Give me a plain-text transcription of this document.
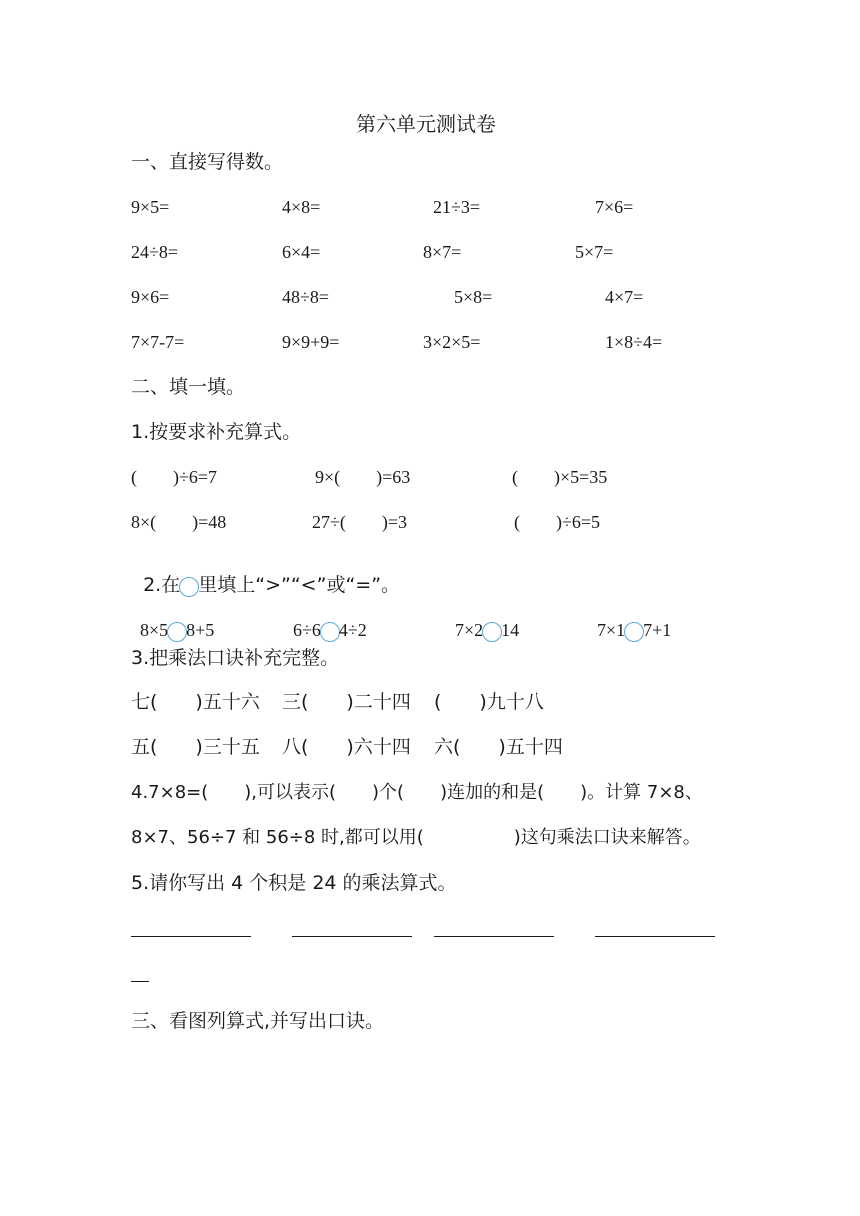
第六单元测试卷
一、直接写得数。
9×5=	4×8=	21÷3=	7×6=
24÷8=	6×4=	8×7=	5×7=
9×6=	48÷8=	5×8=	4×7=
7×7-7=	9×9+9=	3×2×5=	1×8÷4=
二、填一填。
1.按要求补充算式。
(　　)÷6=7	9×(　　)=63	(　　)×5=35
8×(　　)=48	27÷(　　)=3	(　　)÷6=5

2.在 里填上“>”“<”或“=”。

8×5 8+5	6÷6 4÷2	7×2 14	7×1 7+1

3.把乘法口诀补充完整。
七(　　)五十六 三(　　)二十四 (　　)九十八
五(　　)三十五 八(　　)六十四 六(　　)五十四
4.7×8=(　　),可以表示(　　)个(　　)连加的和是(　　)。计算 7×8、
8×7、56÷7 和 56÷8 时,都可以用(　　　　　)这句乘法口诀来解答。
5.请你写出 4 个积是 24 的乘法算式。
三、看图列算式,并写出口诀。
